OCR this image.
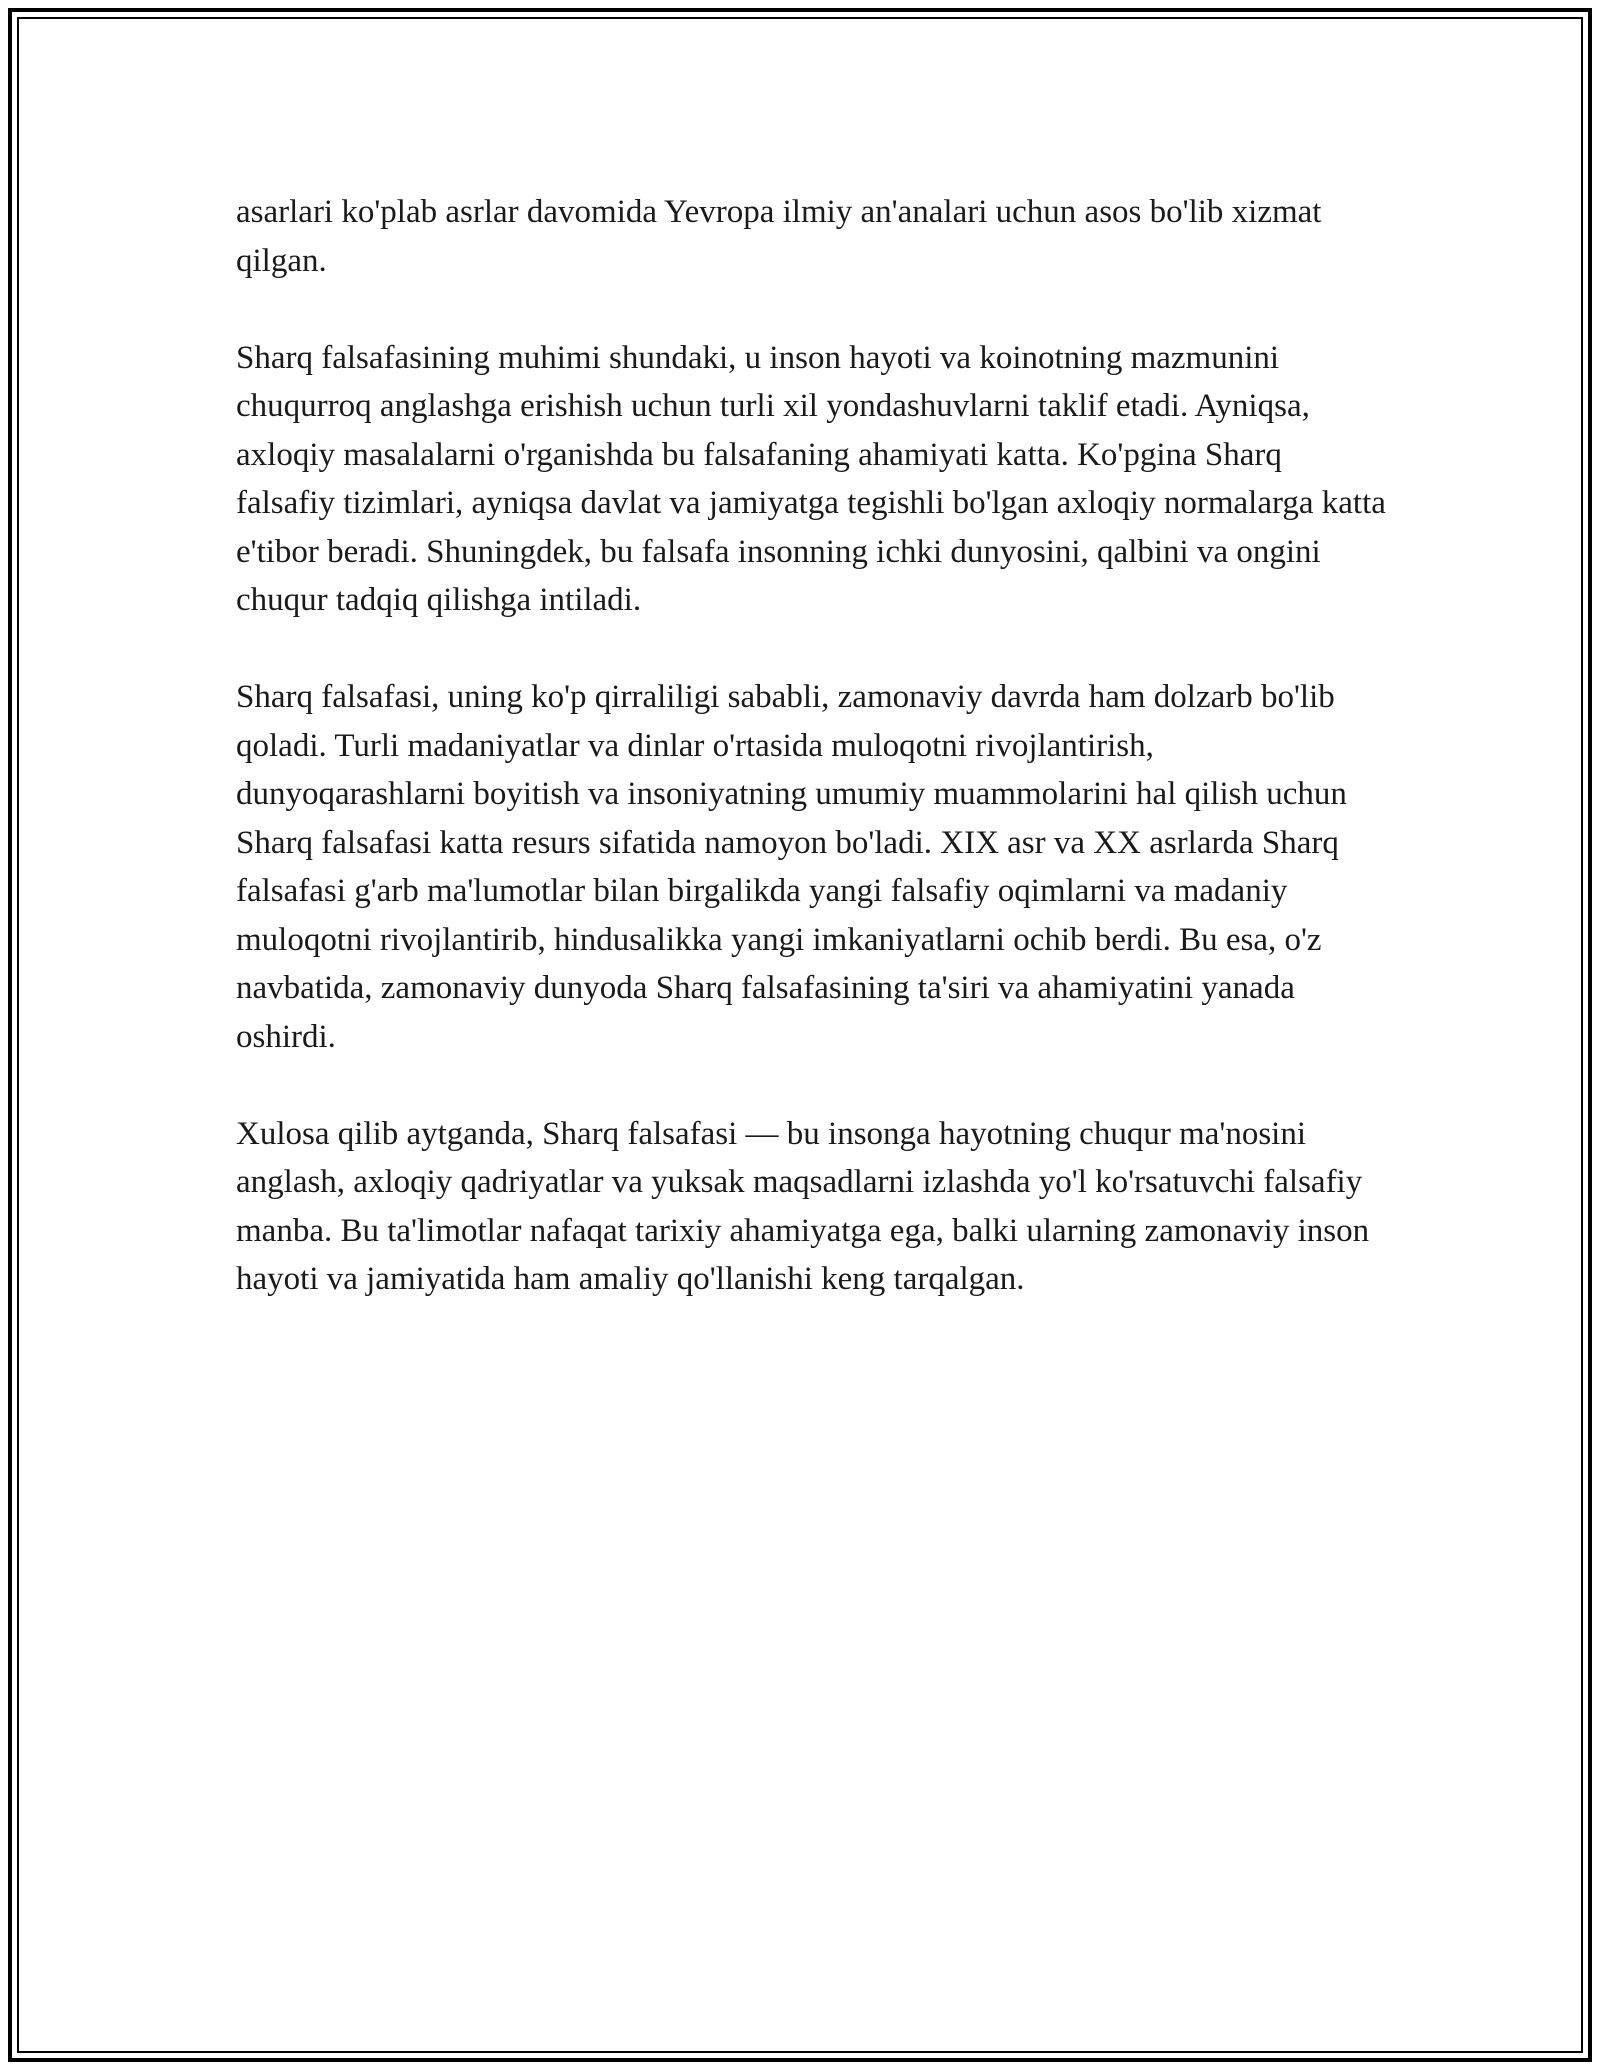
asarlari ko'plab asrlar davomida Yevropa ilmiy an'analari uchun asos bo'lib xizmat qilgan.

Sharq falsafasining muhimi shundaki, u inson hayoti va koinotning mazmunini chuqurroq anglashga erishish uchun turli xil yondashuvlarni taklif etadi. Ayniqsa, axloqiy masalalarni o'rganishda bu falsafaning ahamiyati katta. Ko'pgina Sharq falsafiy tizimlari, ayniqsa davlat va jamiyatga tegishli bo'lgan axloqiy normalarga katta e'tibor beradi. Shuningdek, bu falsafa insonning ichki dunyosini, qalbini va ongini chuqur tadqiq qilishga intiladi.

Sharq falsafasi, uning ko'p qirraliligi sababli, zamonaviy davrda ham dolzarb bo'lib qoladi. Turli madaniyatlar va dinlar o'rtasida muloqotni rivojlantirish, dunyoqarashlarni boyitish va insoniyatning umumiy muammolarini hal qilish uchun Sharq falsafasi katta resurs sifatida namoyon bo'ladi. XIX asr va XX asrlarda Sharq falsafasi g'arb ma'lumotlar bilan birgalikda yangi falsafiy oqimlarni va madaniy muloqotni rivojlantirib, hindusalikka yangi imkaniyatlarni ochib berdi. Bu esa, o'z navbatida, zamonaviy dunyoda Sharq falsafasining ta'siri va ahamiyatini yanada oshirdi.

Xulosa qilib aytganda, Sharq falsafasi — bu insonga hayotning chuqur ma'nosini anglash, axloqiy qadriyatlar va yuksak maqsadlarni izlashda yo'l ko'rsatuvchi falsafiy manba. Bu ta'limotlar nafaqat tarixiy ahamiyatga ega, balki ularning zamonaviy inson hayoti va jamiyatida ham amaliy qo'llanishi keng tarqalgan.
